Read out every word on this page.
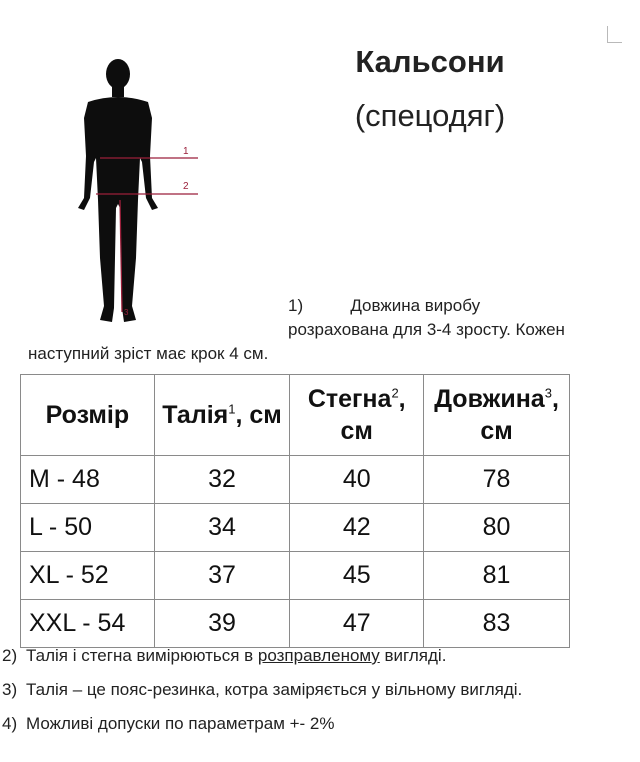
1
2
3
Кальсони
(спецодяг)
1)          Довжина виробу
розрахована для 3-4 зросту. Кожен
наступний зріст має крок 4 см.
Розмір	Талія$^1$, см	Стегна$^2$, см	Довжина$^3$, см
M - 48	32	40	78
L - 50	34	42	80
XL - 52	37	45	81
XXL - 54	39	47	83
2) Талія і стегна вимірюються в розправленому вигляді.
3) Талія – це пояс-резинка, котра заміряється у вільному вигляді.
4) Можливі допуски по параметрам +- 2%
